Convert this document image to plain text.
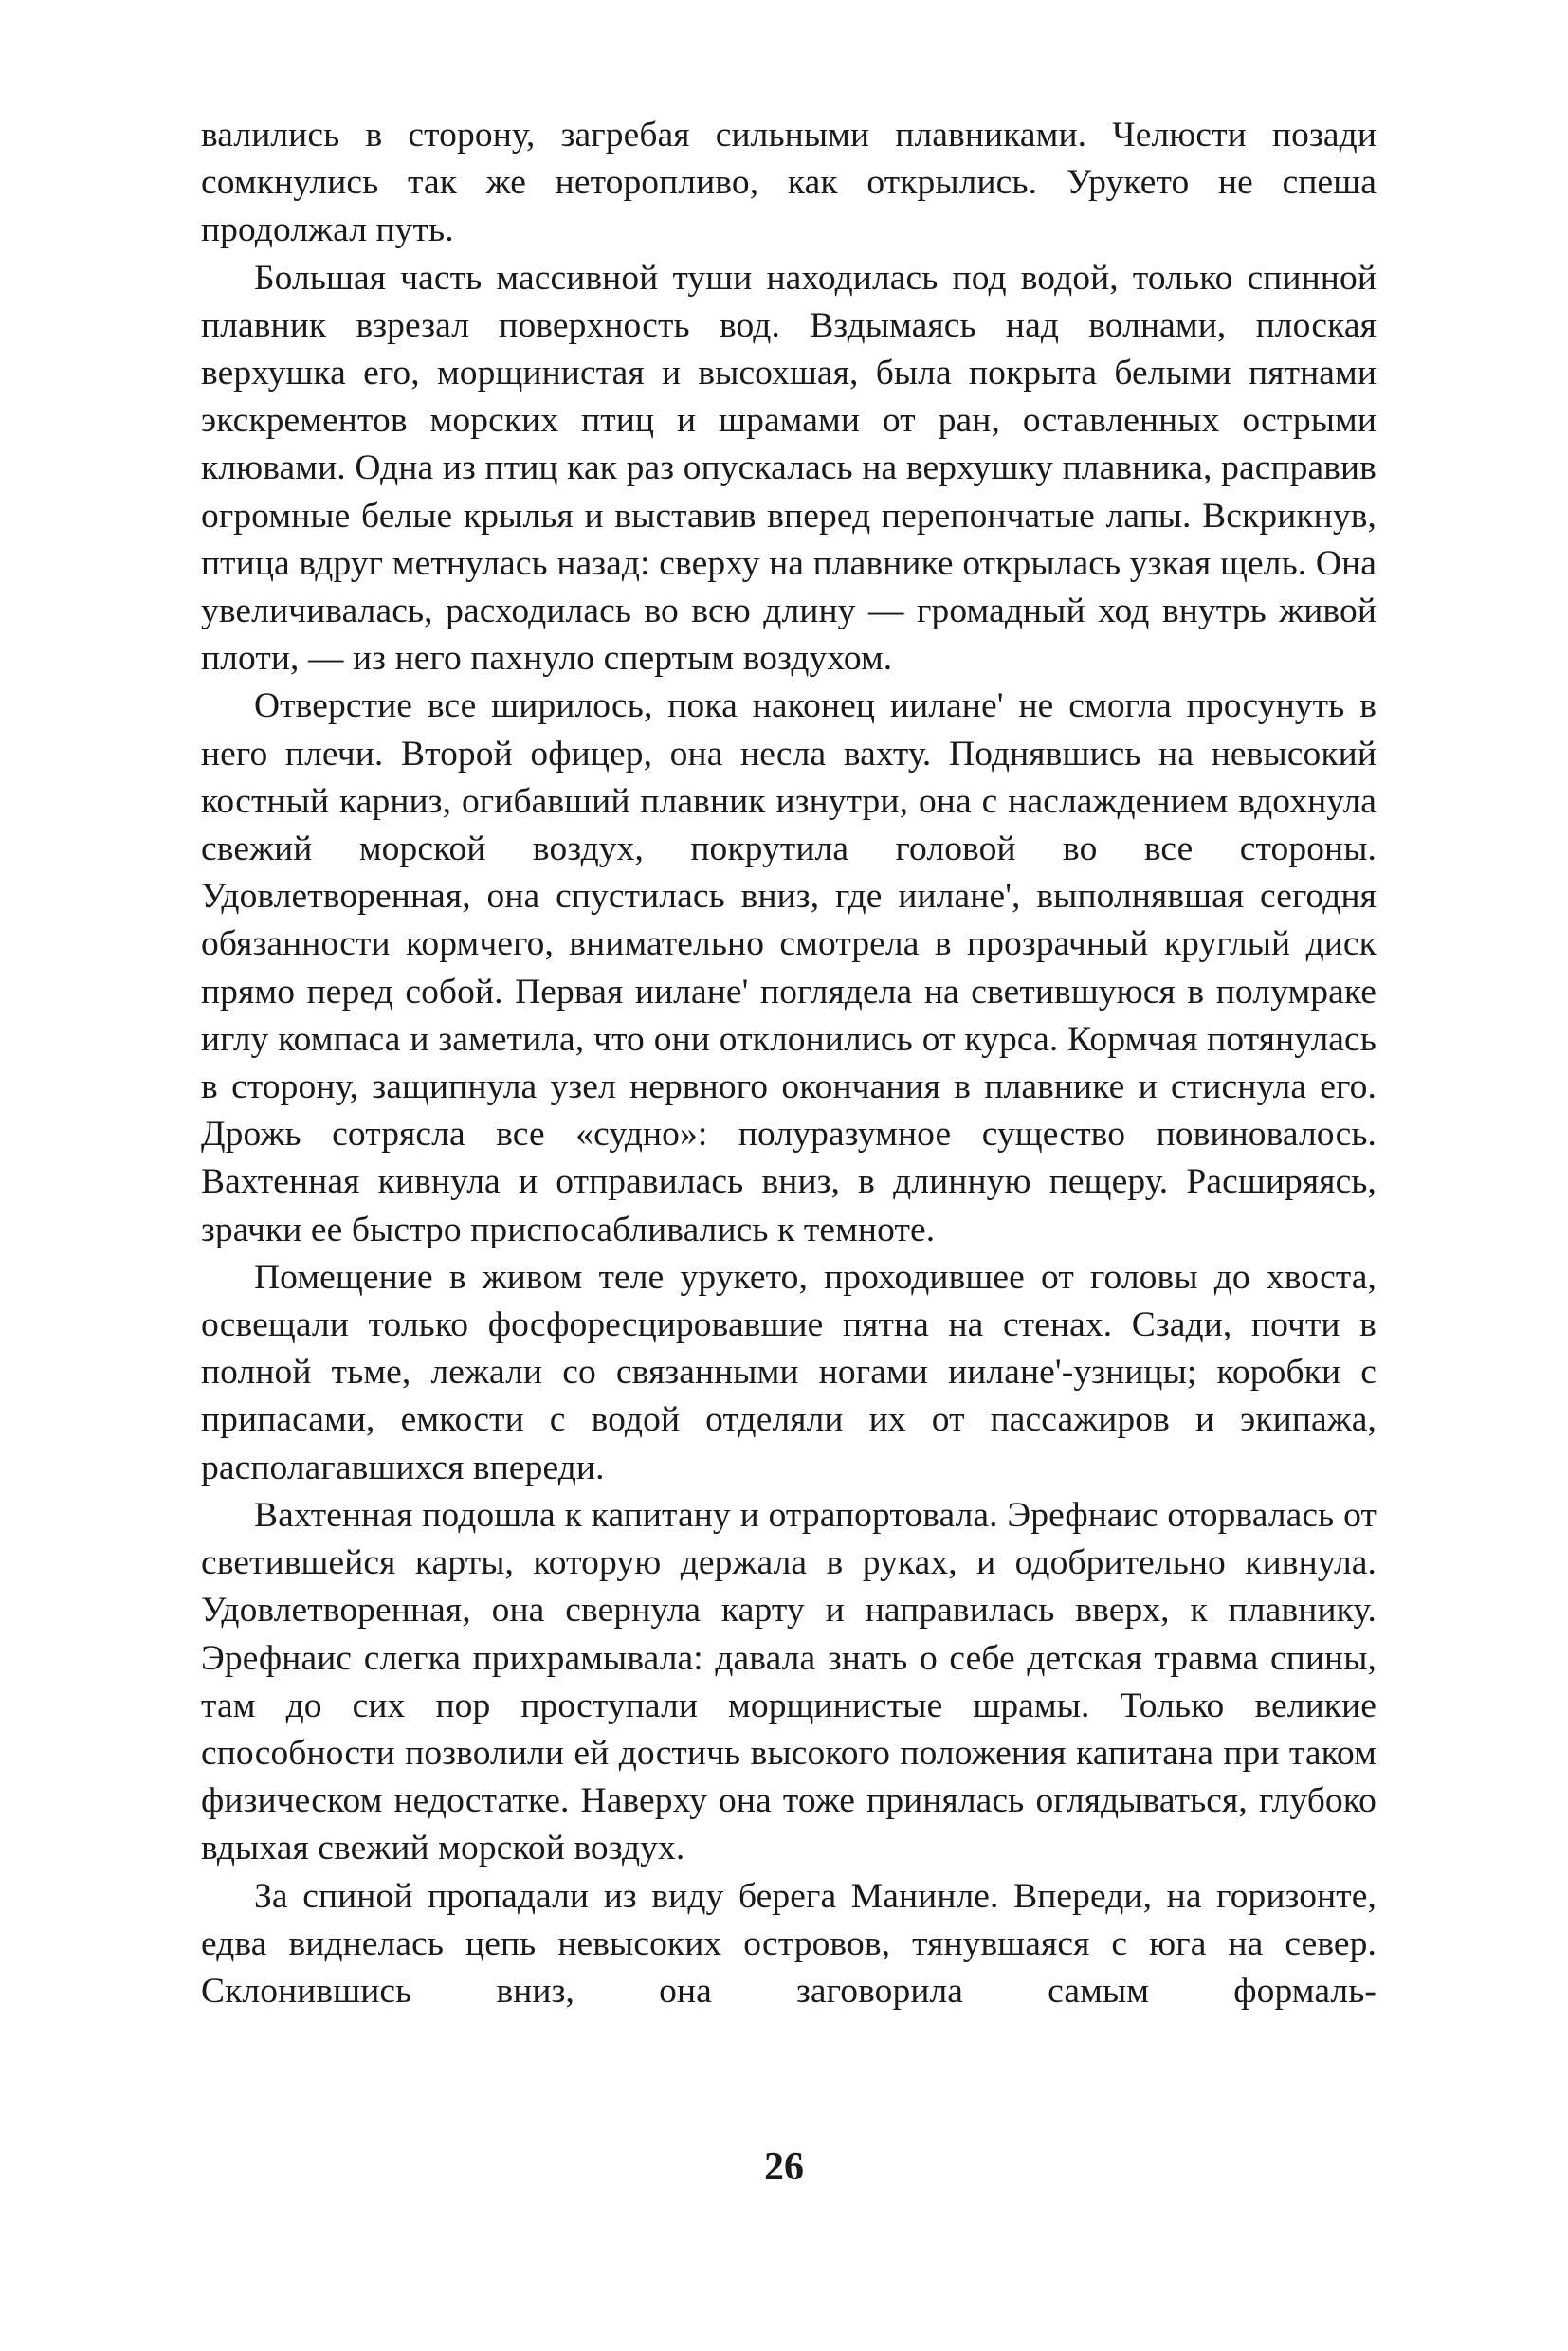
валились в сторону, загребая сильными плавниками. Челюсти позади сомкнулись так же неторопливо, как открылись. Урукето не спеша продолжал путь.

Большая часть массивной туши находилась под водой, только спинной плавник взрезал поверхность вод. Вздымаясь над волнами, плоская верхушка его, морщинистая и высохшая, была покрыта белыми пятнами экскрементов морских птиц и шрамами от ран, оставленных острыми клювами. Одна из птиц как раз опускалась на верхушку плавника, расправив огромные белые крылья и выставив вперед перепончатые лапы. Вскрикнув, птица вдруг метнулась назад: сверху на плавнике открылась узкая щель. Она увеличивалась, расходилась во всю длину — громадный ход внутрь живой плоти, — из него пахнуло спертым воздухом.

Отверстие все ширилось, пока наконец иилане' не смогла просунуть в него плечи. Второй офицер, она несла вахту. Поднявшись на невысокий костный карниз, огибавший плавник изнутри, она с наслаждением вдохнула свежий морской воздух, покрутила головой во все стороны. Удовлетворенная, она спустилась вниз, где иилане', выполнявшая сегодня обязанности кормчего, внимательно смотрела в прозрачный круглый диск прямо перед собой. Первая иилане' поглядела на светившуюся в полумраке иглу компаса и заметила, что они отклонились от курса. Кормчая потянулась в сторону, защипнула узел нервного окончания в плавнике и стиснула его. Дрожь сотрясла все «судно»: полуразумное существо повиновалось. Вахтенная кивнула и отправилась вниз, в длинную пещеру. Расширяясь, зрачки ее быстро приспосабливались к темноте.

Помещение в живом теле урукето, проходившее от головы до хвоста, освещали только фосфоресцировавшие пятна на стенах. Сзади, почти в полной тьме, лежали со связанными ногами иилане'-узницы; коробки с припасами, емкости с водой отделяли их от пассажиров и экипажа, располагавшихся впереди.

Вахтенная подошла к капитану и отрапортовала. Эрефнаис оторвалась от светившейся карты, которую держала в руках, и одобрительно кивнула. Удовлетворенная, она свернула карту и направилась вверх, к плавнику. Эрефнаис слегка прихрамывала: давала знать о себе детская травма спины, там до сих пор проступали морщинистые шрамы. Только великие способности позволили ей достичь высокого положения капитана при таком физическом недостатке. Наверху она тоже принялась оглядываться, глубоко вдыхая свежий морской воздух.

За спиной пропадали из виду берега Манинле. Впереди, на горизонте, едва виднелась цепь невысоких островов, тянувшаяся с юга на север. Склонившись вниз, она заговорила самым формаль-

26
